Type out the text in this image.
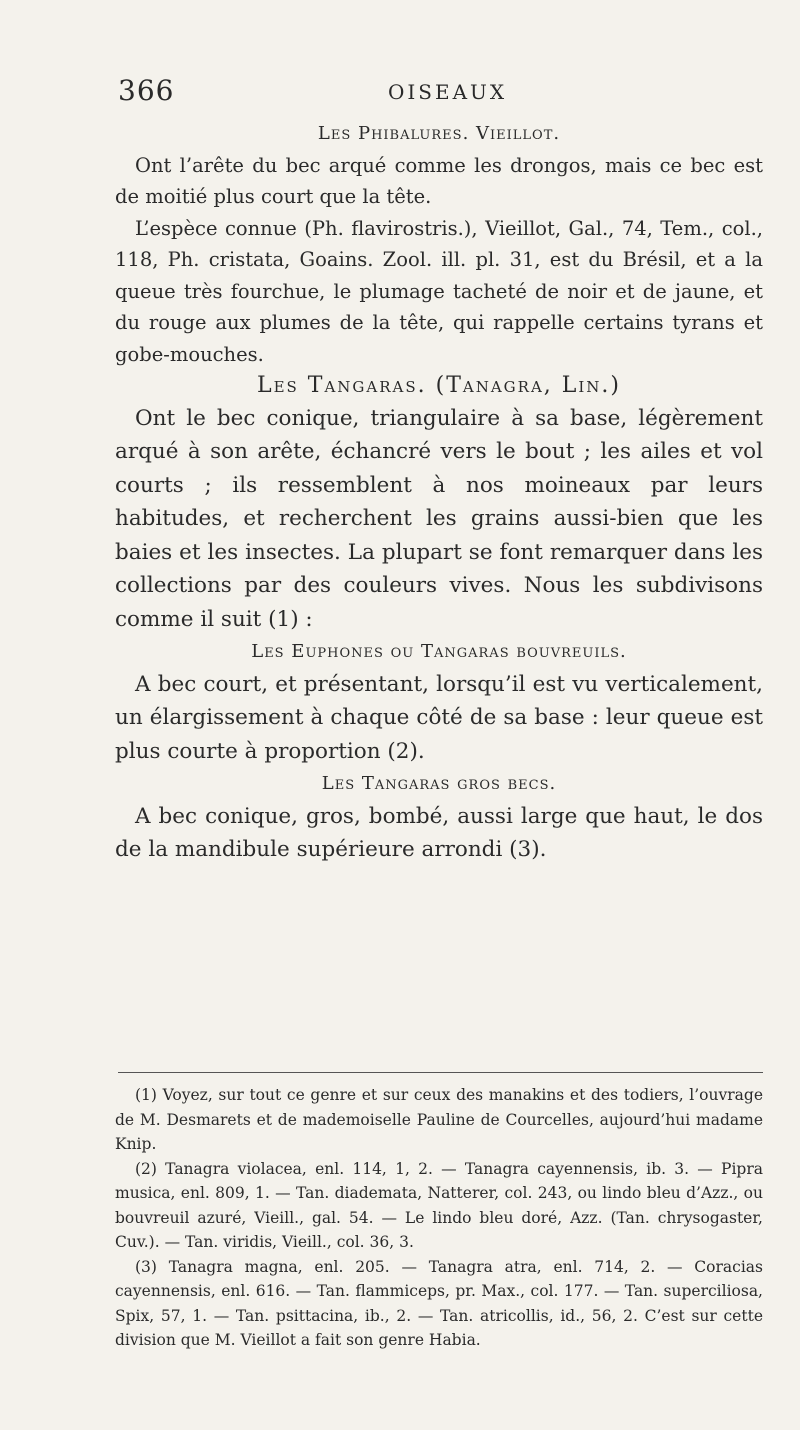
366	OISEAUX

Les Phibalures. Vieillot.

Ont l’arête du bec arqué comme les drongos, mais ce bec est de moitié plus court que la tête.

L’espèce connue (Ph. flavirostris.), Vieillot, Gal., 74, Tem., col., 118, Ph. cristata, Goains. Zool. ill. pl. 31, est du Brésil, et a la queue très fourchue, le plumage tacheté de noir et de jaune, et du rouge aux plumes de la tête, qui rappelle certains tyrans et gobe-mouches.

Les Tangaras. (Tanagra, Lin.)

Ont le bec conique, triangulaire à sa base, légèrement arqué à son arête, échancré vers le bout ; les ailes et vol courts ; ils ressemblent à nos moineaux par leurs habitudes, et recherchent les grains aussi-bien que les baies et les insectes. La plupart se font remarquer dans les collections par des couleurs vives. Nous les subdivisons comme il suit (1) :

Les Euphones ou Tangaras bouvreuils.

A bec court, et présentant, lorsqu’il est vu verticalement, un élargissement à chaque côté de sa base : leur queue est plus courte à proportion (2).

Les Tangaras gros becs.

A bec conique, gros, bombé, aussi large que haut, le dos de la mandibule supérieure arrondi (3).

(1) Voyez, sur tout ce genre et sur ceux des manakins et des todiers, l’ouvrage de M. Desmarets et de mademoiselle Pauline de Courcelles, aujourd’hui madame Knip.

(2) Tanagra violacea, enl. 114, 1, 2. — Tanagra cayennensis, ib. 3. — Pipra musica, enl. 809, 1. — Tan. diademata, Natterer, col. 243, ou lindo bleu d’Azz., ou bouvreuil azuré, Vieill., gal. 54. — Le lindo bleu doré, Azz. (Tan. chrysogaster, Cuv.). — Tan. viridis, Vieill., col. 36, 3.

(3) Tanagra magna, enl. 205. — Tanagra atra, enl. 714, 2. — Coracias cayennensis, enl. 616. — Tan. flammiceps, pr. Max., col. 177. — Tan. superciliosa, Spix, 57, 1. — Tan. psittacina, ib., 2. — Tan. atricollis, id., 56, 2. C’est sur cette division que M. Vieillot a fait son genre Habia.
